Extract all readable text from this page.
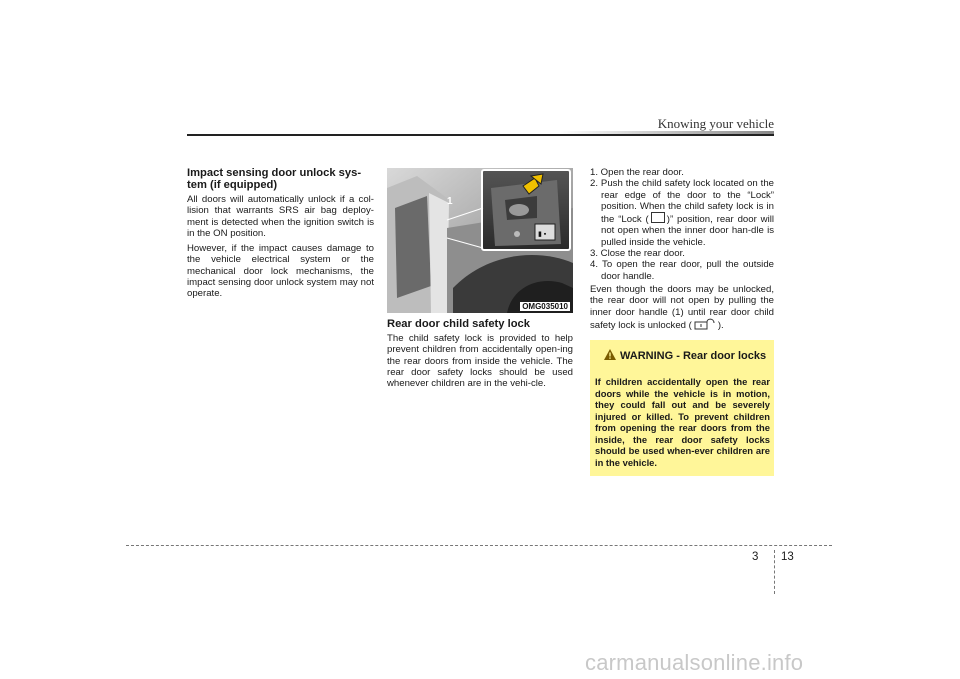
Knowing your vehicle
Impact sensing door unlock sys-tem (if equipped)

All doors will automatically unlock if a col-lision that warrants SRS air bag deploy-ment is detected when the ignition switch is in the ON position.

However, if the impact causes damage to the vehicle electrical system or the mechanical door lock mechanisms, the impact sensing door unlock system may not operate.

▮ ▪
1
OMG035010
Rear door child safety lock

The child safety lock is provided to help prevent children from accidentally open-ing the rear doors from inside the vehicle. The rear door safety locks should be used whenever children are in the vehi-cle.

1. Open the rear door.
2. Push the child safety lock located on the rear edge of the door to the “Lock” position. When the child safety lock is in the “Lock ( )” position, rear door will not open when the inner door han-dle is pulled inside the vehicle.
3. Close the rear door.
4. To open the rear door, pull the outside door handle.

Even though the doors may be unlocked, the rear door will not open by pulling the inner door handle (1) until rear door child safety lock is unlocked (	).

WARNING - Rear door locks
If children accidentally open the rear doors while the vehicle is in motion, they could fall out and be severely injured or killed. To prevent children from opening the rear doors from the inside, the rear door safety locks should be used when-ever children are in the vehicle.
3 13
carmanualsonline.info
